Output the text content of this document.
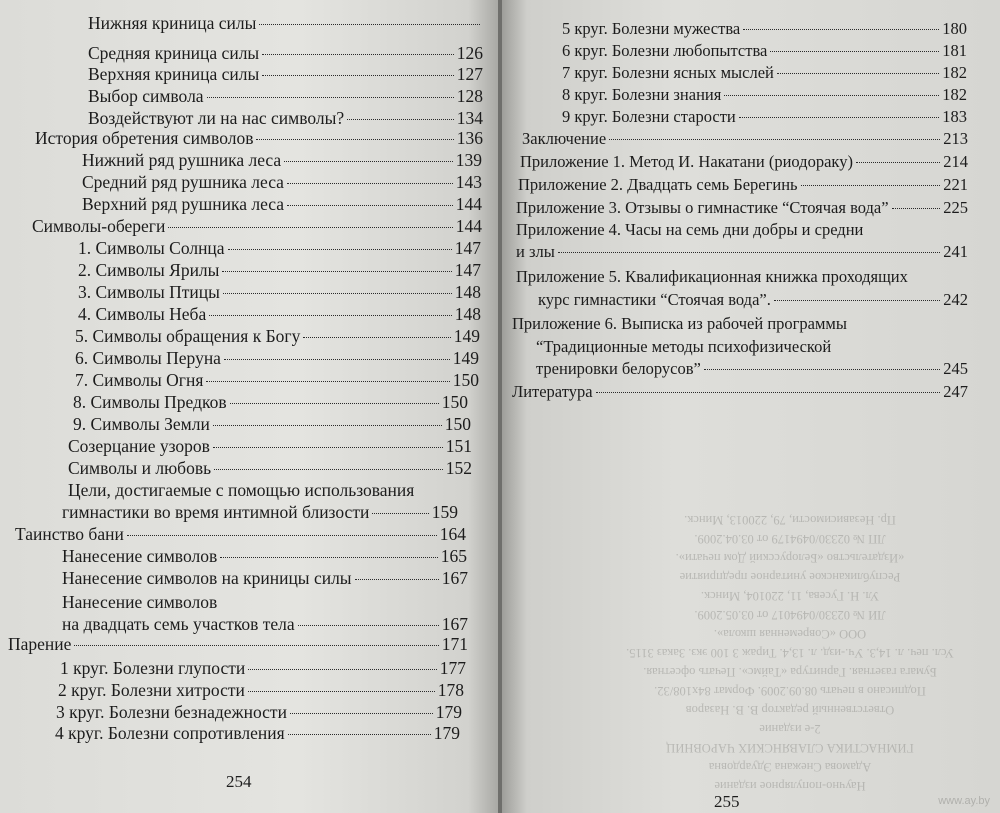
Нижняя криница силы
Средняя криница силы	126
Верхняя криница силы	127
Выбор символа	128
Воздействуют ли на нас символы?	134
История обретения символов	136
Нижний ряд рушника леса	139
Средний ряд рушника леса	143
Верхний ряд рушника леса	144
Символы-обереги	144
1. Символы Солнца	147
2. Символы Ярилы	147
3. Символы Птицы	148
4. Символы Неба	148
5. Символы обращения к Богу	149
6. Символы Перуна	149
7. Символы Огня	150
8. Символы Предков	150
9. Символы Земли	150
Созерцание узоров	151
Символы и любовь	152
Цели, достигаемые с помощью использования
гимнастики во время интимной близости	159
Таинство бани	164
Нанесение символов	165
Нанесение символов на криницы силы	167
Нанесение символов
на двадцать семь участков тела	167
Парение	171
1 круг. Болезни глупости	177
2 круг. Болезни хитрости	178
3 круг. Болезни безнадежности	179
4 круг. Болезни сопротивления	179
254
5 круг. Болезни мужества	180
6 круг. Болезни любопытства	181
7 круг. Болезни ясных мыслей	182
8 круг. Болезни знания	182
9 круг. Болезни старости	183
Заключение	213
Приложение 1. Метод И. Накатани (риодораку)	214
Приложение 2. Двадцать семь Берегинь	221
Приложение 3. Отзывы о гимнастике “Стоячая вода”	225
Приложение 4. Часы на семь дни добры и средни
и злы	241
Приложение 5. Квалификационная книжка проходящих
курс гимнастики “Стоячая вода”.	242
Приложение 6. Выписка из рабочей программы
“Традиционные методы психофизической
тренировки белорусов”	245
Литература	247
255
Научно-популярное издание
Адамова Снежана Эдуардовна
ГИМНАСТИКА СЛАВЯНСКИХ ЧАРОВНИЦ
2-е издание
Ответственный редактор В. В. Назаров
Подписано в печать 08.09.2009. Формат 84х108/32.
Бумага газетная. Гарнитура «Таймс». Печать офсетная.
Усл. печ. л. 14,3. Уч.-изд. л. 13,4. Тираж 3 100 экз. Заказ 3115.
ООО «Современная школа».
ЛИ № 02330/0494017 от 03.05.2009.
Ул. Н. Гусева, 11, 220104, Минск.
Республиканское унитарное предприятие
«Издательство «Белорусский Дом печати».
ЛП № 02330/0494179 от 03.04.2009.
Пр. Независимости, 79, 220013, Минск.
www.ay.by
